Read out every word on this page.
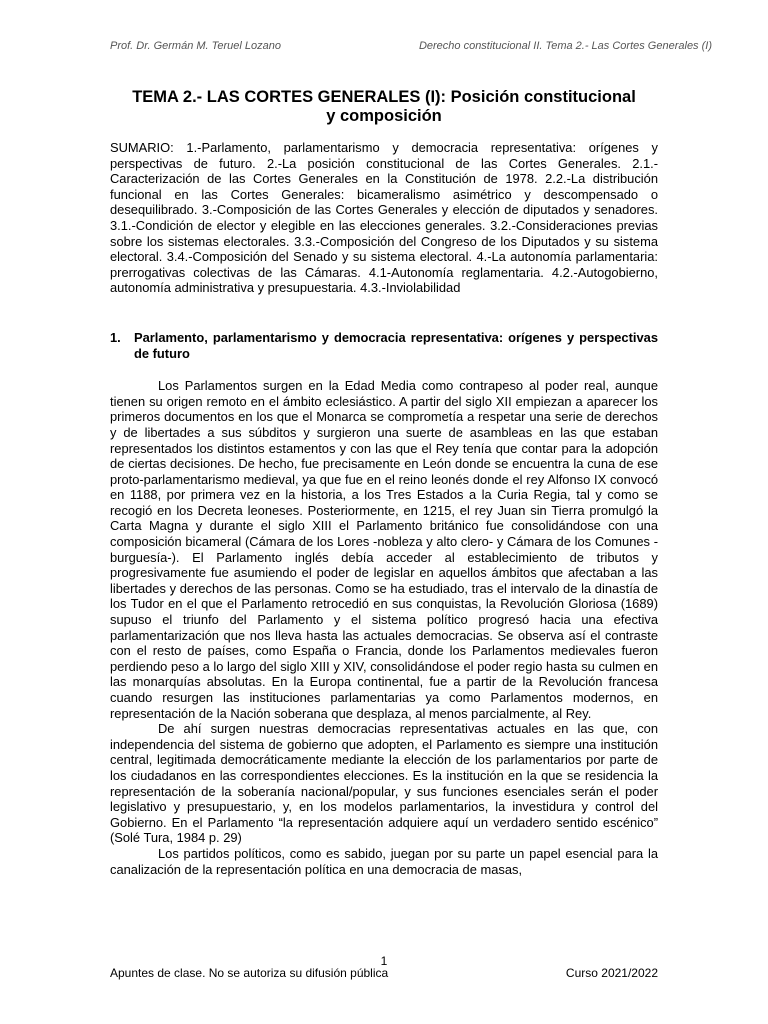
Prof. Dr. Germán M. Teruel Lozano	Derecho constitucional II. Tema 2.- Las Cortes Generales (I)
TEMA 2.- LAS CORTES GENERALES (I): Posición constitucional y composición

SUMARIO: 1.-Parlamento, parlamentarismo y democracia representativa: orígenes y perspectivas de futuro. 2.-La posición constitucional de las Cortes Generales. 2.1.-Caracterización de las Cortes Generales en la Constitución de 1978. 2.2.-La distribución funcional en las Cortes Generales: bicameralismo asimétrico y descompensado o desequilibrado. 3.-Composición de las Cortes Generales y elección de diputados y senadores. 3.1.-Condición de elector y elegible en las elecciones generales. 3.2.-Consideraciones previas sobre los sistemas electorales. 3.3.-Composición del Congreso de los Diputados y su sistema electoral. 3.4.-Composición del Senado y su sistema electoral. 4.-La autonomía parlamentaria: prerrogativas colectivas de las Cámaras. 4.1-Autonomía reglamentaria. 4.2.-Autogobierno, autonomía administrativa y presupuestaria. 4.3.-Inviolabilidad

1.	Parlamento, parlamentarismo y democracia representativa: orígenes y perspectivas de futuro

Los Parlamentos surgen en la Edad Media como contrapeso al poder real, aunque tienen su origen remoto en el ámbito eclesiástico. A partir del siglo XII empiezan a aparecer los primeros documentos en los que el Monarca se comprometía a respetar una serie de derechos y de libertades a sus súbditos y surgieron una suerte de asambleas en las que estaban representados los distintos estamentos y con las que el Rey tenía que contar para la adopción de ciertas decisiones. De hecho, fue precisamente en León donde se encuentra la cuna de ese proto-parlamentarismo medieval, ya que fue en el reino leonés donde el rey Alfonso IX convocó en 1188, por primera vez en la historia, a los Tres Estados a la Curia Regia, tal y como se recogió en los Decreta leoneses. Posteriormente, en 1215, el rey Juan sin Tierra promulgó la Carta Magna y durante el siglo XIII el Parlamento británico fue consolidándose con una composición bicameral (Cámara de los Lores -nobleza y alto clero- y Cámara de los Comunes -burguesía-). El Parlamento inglés debía acceder al establecimiento de tributos y progresivamente fue asumiendo el poder de legislar en aquellos ámbitos que afectaban a las libertades y derechos de las personas. Como se ha estudiado, tras el intervalo de la dinastía de los Tudor en el que el Parlamento retrocedió en sus conquistas, la Revolución Gloriosa (1689) supuso el triunfo del Parlamento y el sistema político progresó hacia una efectiva parlamentarización que nos lleva hasta las actuales democracias. Se observa así el contraste con el resto de países, como España o Francia, donde los Parlamentos medievales fueron perdiendo peso a lo largo del siglo XIII y XIV, consolidándose el poder regio hasta su culmen en las monarquías absolutas. En la Europa continental, fue a partir de la Revolución francesa cuando resurgen las instituciones parlamentarias ya como Parlamentos modernos, en representación de la Nación soberana que desplaza, al menos parcialmente, al Rey.

De ahí surgen nuestras democracias representativas actuales en las que, con independencia del sistema de gobierno que adopten, el Parlamento es siempre una institución central, legitimada democráticamente mediante la elección de los parlamentarios por parte de los ciudadanos en las correspondientes elecciones. Es la institución en la que se residencia la representación de la soberanía nacional/popular, y sus funciones esenciales serán el poder legislativo y presupuestario, y, en los modelos parlamentarios, la investidura y control del Gobierno. En el Parlamento “la representación adquiere aquí un verdadero sentido escénico” (Solé Tura, 1984 p. 29)

Los partidos políticos, como es sabido, juegan por su parte un papel esencial para la canalización de la representación política en una democracia de masas,

1
Apuntes de clase. No se autoriza su difusión pública	Curso 2021/2022
